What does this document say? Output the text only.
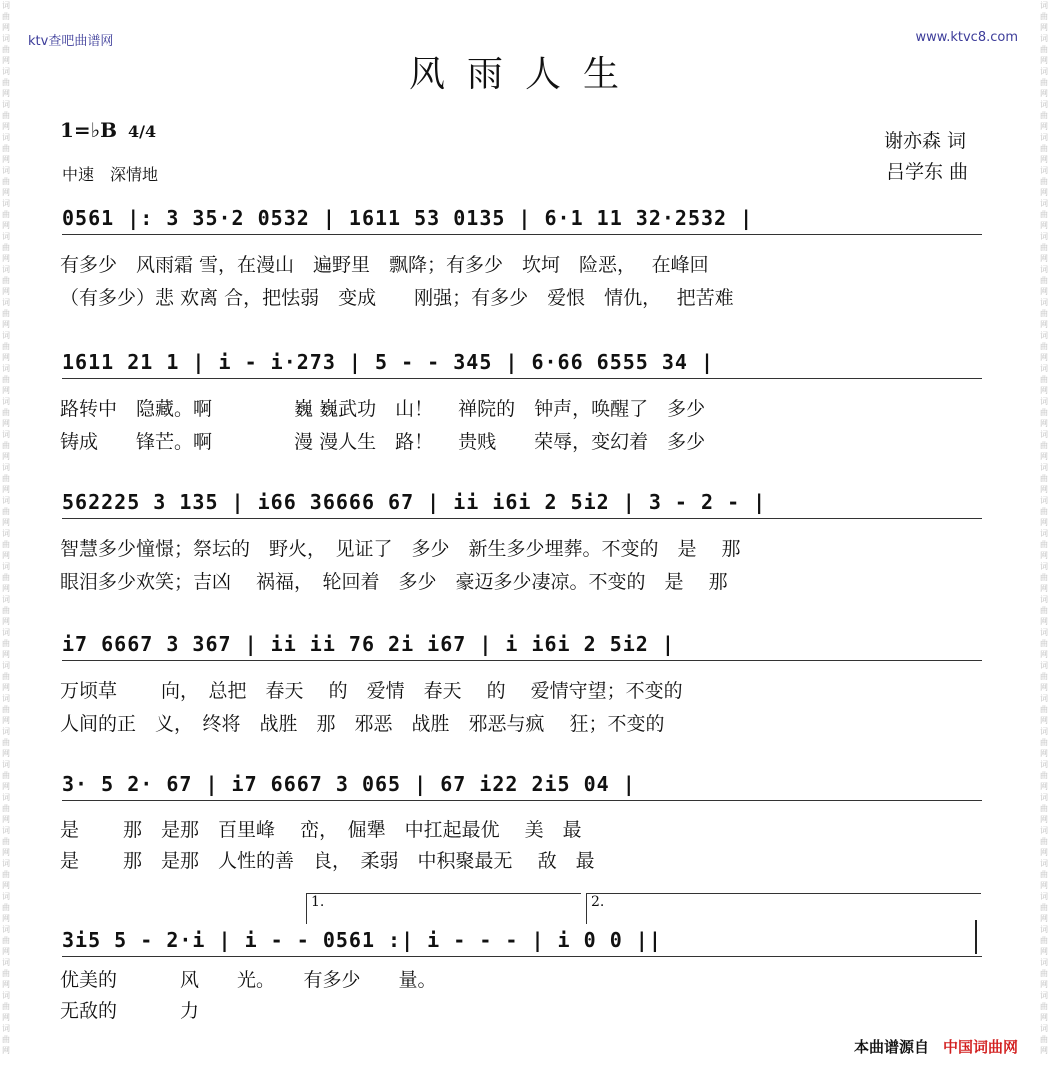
词
曲
网
词
曲
网
词
曲
网
词
曲
网
词
曲
网
词
曲
网
词
曲
网
词
曲
网
词
曲
网
词
曲
网
词
曲
网
词
曲
网
词
曲
网
词
曲
网
词
曲
网
词
曲
网
词
曲
网
词
曲
网
词
曲
网
词
曲
网
词
曲
网
词
曲
网
词
曲
网
词
曲
网
词
曲
网
词
曲
网
词
曲
网
词
曲
网
词
曲
网
词
曲
网
词
曲
网
词
曲
网
词
曲
网
词
曲
网
词
曲
网
词
曲
网
词
曲
网
词
曲
网
词
曲
网
词
曲
网
词
曲
网
词
曲
网
词
曲
网
词
曲
网
词
曲
网
词
曲
网
词
曲
网
词
曲
网
词
曲
网
词
曲
网
词
曲
网
词
曲
网
词
曲
网
词
曲
网
词
曲
网
词
曲
网
词
曲
网
词
曲
网
词
曲
网
词
曲
网
词
曲
网
词
曲
网
词
曲
网
词
曲
网
ktv查吧曲谱网	www.ktvc8.com
风雨人生
1=♭B 4/4
中速　深情地
谢亦森 词
吕学东 曲
0561 |: 3 35·2 0532 | 1611 53 0135 | 6·1 11 32·2532 |
有多少　风雨霜 雪，在漫山　遍野里　飘降；有多少　坎坷　险恶，　 在峰回
（有多少）悲 欢离 合，把怯弱　变成　　刚强；有多少　爱恨　情仇，　 把苦难
1611 21 1 | i - i·273 | 5 - - 345 | 6·66 6555 34 |
路转中　隐藏。啊　　　　 巍 巍武功　山！　 禅院的　钟声，唤醒了　多少
铸成　　锋芒。啊　　　　 漫 漫人生　路！　 贵贱　　荣辱，变幻着　多少
562225 3 135 | i66 36666 67 | ii i6i 2 5i2 | 3 - 2 - |
智慧多少憧憬；祭坛的　野火，　见证了　多少　新生多少埋葬。不变的　是　 那
眼泪多少欢笑；吉凶　 祸福，　轮回着　多少　豪迈多少凄凉。不变的　是　 那
i7 6667 3 367 | ii ii 76 2i i67 | i i6i 2 5i2 |
万顷草　　 向，　总把　春天　 的　爱情　春天　 的　 爱情守望；不变的
人间的正　义，　终将　战胜　那　邪恶　战胜　邪恶与疯　 狂；不变的
3· 5 2· 67 | i7 6667 3 065 | 67 i22 2i5 04 |
是　　 那　是那　百里峰　 峦，　倔犟　中扛起最优　 美　最
是　　 那　是那　人性的善　良，　柔弱　中积聚最无　 敌　最
1.	2.
3i5 5 - 2·i | i - - 0561 :| i - - - | i 0 0 ||
优美的　　　 风　　光。　　有多少　　量。
无敌的　　　 力
本曲谱源自 中国词曲网
